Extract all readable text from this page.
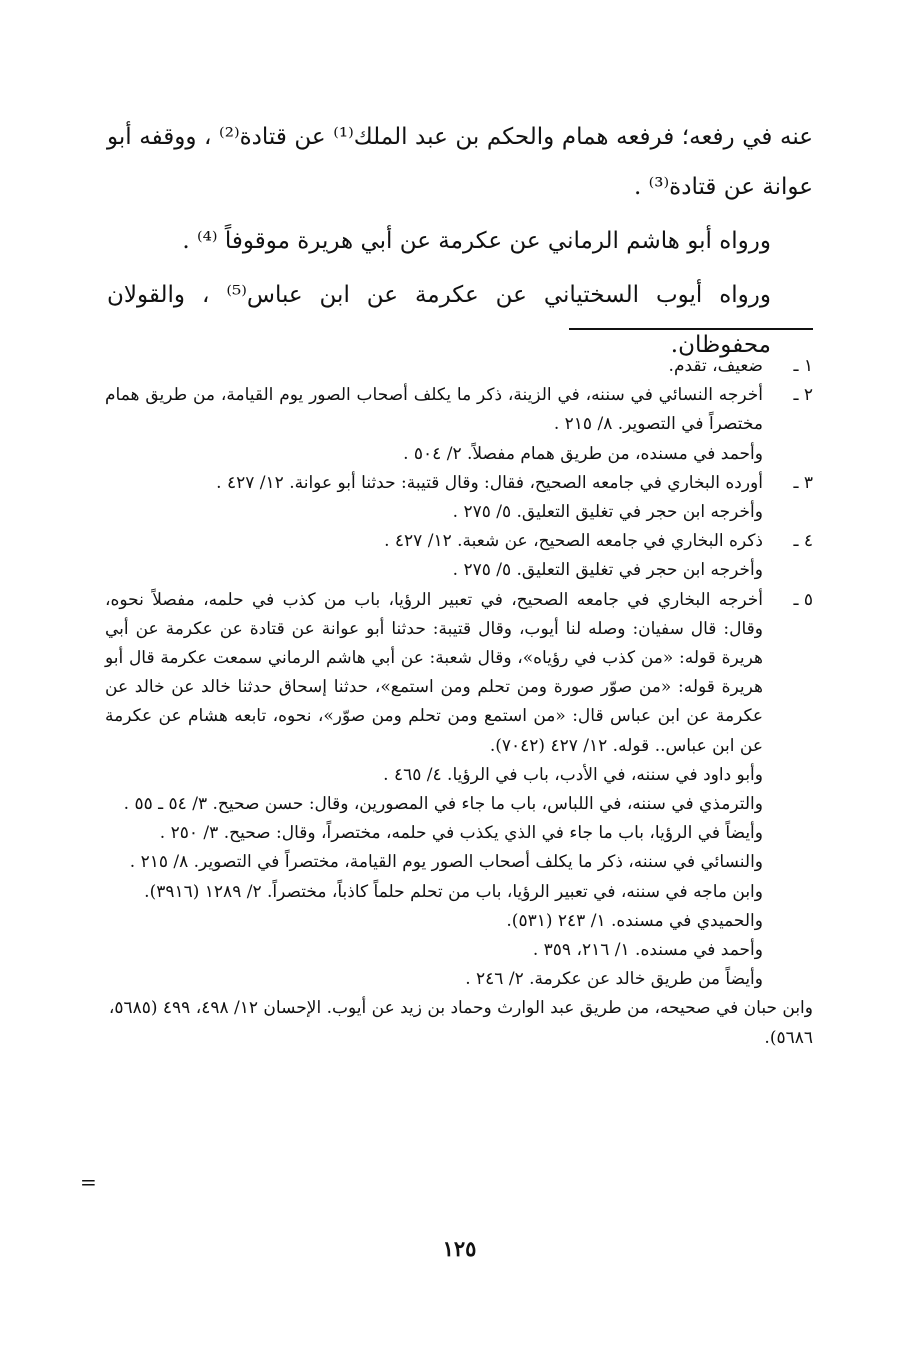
عنه في رفعه؛ فرفعه همام والحكم بن عبد الملك⁽¹⁾ عن قتادة⁽²⁾ ، ووقفه أبو عوانة عن قتادة⁽³⁾ .

ورواه أبو هاشم الرماني عن عكرمة عن أبي هريرة موقوفاً ⁽⁴⁾ .

ورواه أيوب السختياني عن عكرمة عن ابن عباس⁽⁵⁾ ، والقولان محفوظان.

١ ـ
ضعيف، تقدم.
٢ ـ
أخرجه النسائي في سننه، في الزينة، ذكر ما يكلف أصحاب الصور يوم القيامة، من طريق همام مختصراً في التصوير. ٨/ ٢١٥ .
وأحمد في مسنده، من طريق همام مفصلاً. ٢/ ٥٠٤ .
٣ ـ
أورده البخاري في جامعه الصحيح، فقال: وقال قتيبة: حدثنا أبو عوانة. ١٢/ ٤٢٧ .
وأخرجه ابن حجر في تغليق التعليق. ٥/ ٢٧٥ .
٤ ـ
ذكره البخاري في جامعه الصحيح، عن شعبة. ١٢/ ٤٢٧ .
وأخرجه ابن حجر في تغليق التعليق. ٥/ ٢٧٥ .
٥ ـ
أخرجه البخاري في جامعه الصحيح، في تعبير الرؤيا، باب من كذب في حلمه، مفصلاً نحوه، وقال: قال سفيان: وصله لنا أيوب، وقال قتيبة: حدثنا أبو عوانة عن قتادة عن عكرمة عن أبي هريرة قوله: «من كذب في رؤياه»، وقال شعبة: عن أبي هاشم الرماني سمعت عكرمة قال أبو هريرة قوله: «من صوّر صورة ومن تحلم ومن استمع»، حدثنا إسحاق حدثنا خالد عن خالد عن عكرمة عن ابن عباس قال: «من استمع ومن تحلم ومن صوّر»، نحوه، تابعه هشام عن عكرمة عن ابن عباس.. قوله. ١٢/ ٤٢٧ (٧٠٤٢).
وأبو داود في سننه، في الأدب، باب في الرؤيا. ٤/ ٤٦٥ .
والترمذي في سننه، في اللباس، باب ما جاء في المصورين، وقال: حسن صحيح. ٣/ ٥٤ ـ ٥٥ .
وأيضاً في الرؤيا، باب ما جاء في الذي يكذب في حلمه، مختصراً، وقال: صحيح. ٣/ ٢٥٠ .
والنسائي في سننه، ذكر ما يكلف أصحاب الصور يوم القيامة، مختصراً في التصوير. ٨/ ٢١٥ .
وابن ماجه في سننه، في تعبير الرؤيا، باب من تحلم حلماً كاذباً، مختصراً. ٢/ ١٢٨٩ (٣٩١٦).
والحميدي في مسنده. ١/ ٢٤٣ (٥٣١).
وأحمد في مسنده. ١/ ٢١٦، ٣٥٩ .
وأيضاً من طريق خالد عن عكرمة. ٢/ ٢٤٦ .
وابن حبان في صحيحه، من طريق عبد الوارث وحماد بن زيد عن أيوب. الإحسان ١٢/ ٤٩٨، ٤٩٩ (٥٦٨٥، ٥٦٨٦).
=
١٢٥
